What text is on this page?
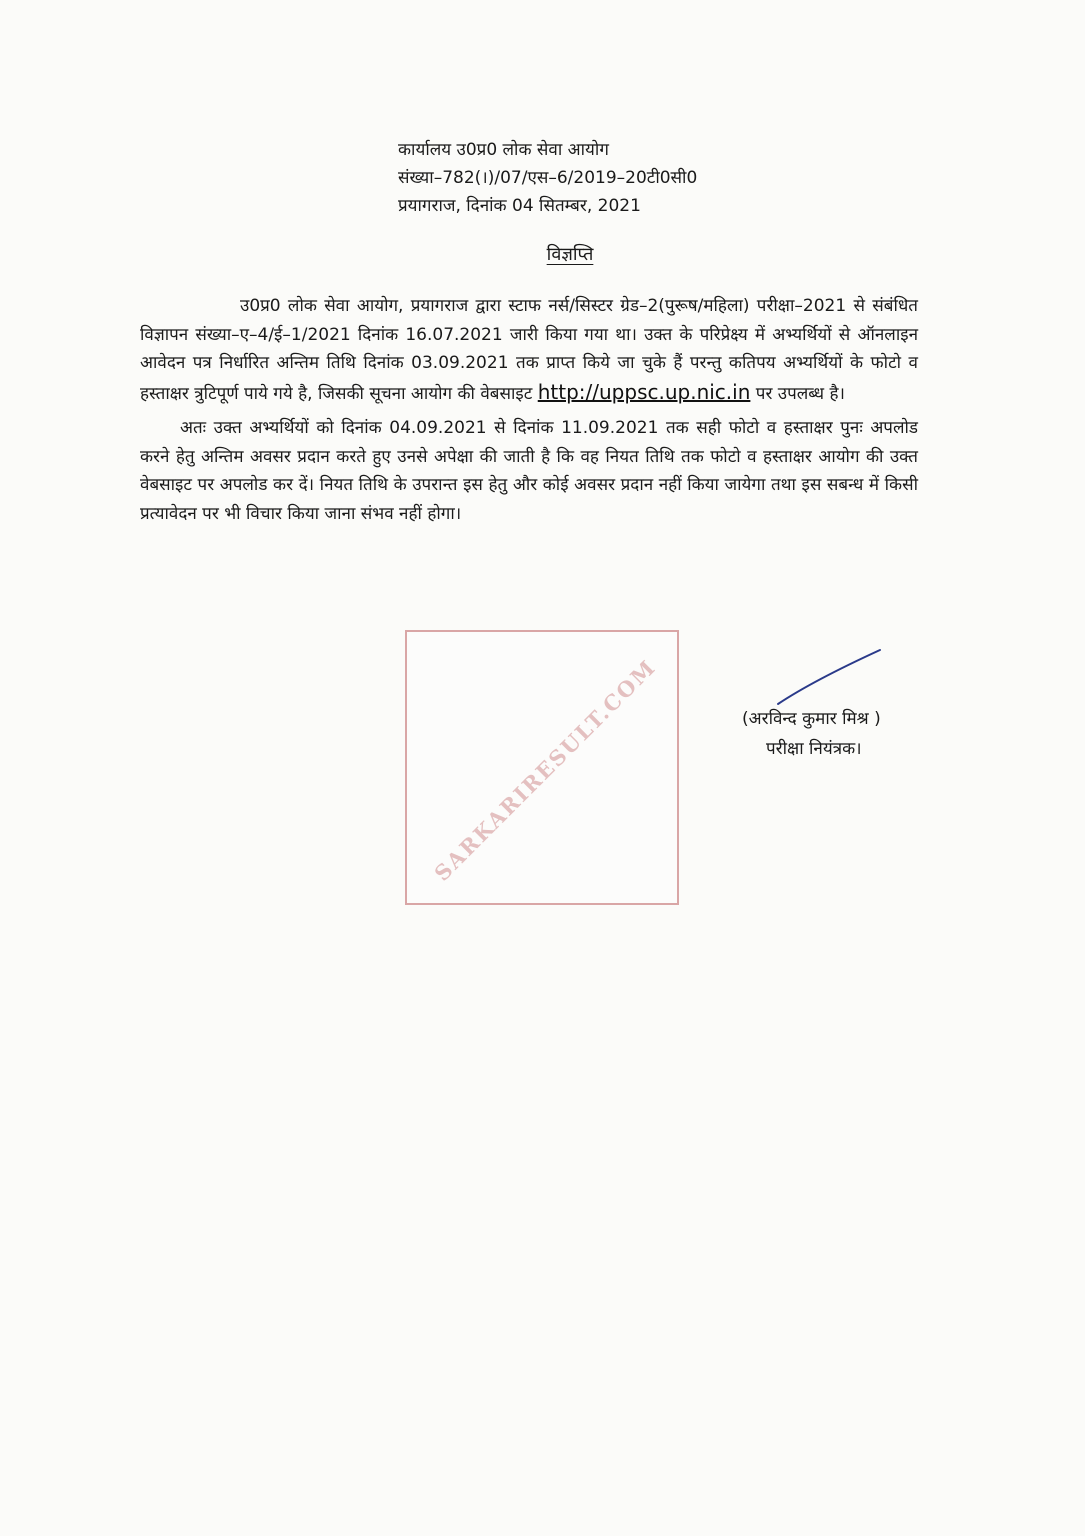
कार्यालय उ0प्र0 लोक सेवा आयोग
संख्या–782(।)/07/एस–6/2019–20टी0सी0
प्रयागराज, दिनांक 04 सितम्बर, 2021
विज्ञप्ति

उ0प्र0 लोक सेवा आयोग, प्रयागराज द्वारा स्टाफ नर्स/सिस्टर ग्रेड–2(पुरूष/महिला) परीक्षा–2021 से संबंधित विज्ञापन संख्या–ए–4/ई–1/2021 दिनांक 16.07.2021 जारी किया गया था। उक्त के परिप्रेक्ष्य में अभ्यर्थियों से ऑनलाइन आवेदन पत्र निर्धारित अन्तिम तिथि दिनांक 03.09.2021 तक प्राप्त किये जा चुके हैं परन्तु कतिपय अभ्यर्थियों के फोटो व हस्ताक्षर त्रुटिपूर्ण पाये गये है, जिसकी सूचना आयोग की वेबसाइट http://uppsc.up.nic.in पर उपलब्ध है।

अतः उक्त अभ्यर्थियों को दिनांक 04.09.2021 से दिनांक 11.09.2021 तक सही फोटो व हस्ताक्षर पुनः अपलोड करने हेतु अन्तिम अवसर प्रदान करते हुए उनसे अपेक्षा की जाती है कि वह नियत तिथि तक फोटो व हस्ताक्षर आयोग की उक्त वेबसाइट पर अपलोड कर दें। नियत तिथि के उपरान्त इस हेतु और कोई अवसर प्रदान नहीं किया जायेगा तथा इस सबन्ध में किसी प्रत्यावेदन पर भी विचार किया जाना संभव नहीं होगा।

(अरविन्द कुमार मिश्र )
परीक्षा नियंत्रक।
SARKARIRESULT.COM
